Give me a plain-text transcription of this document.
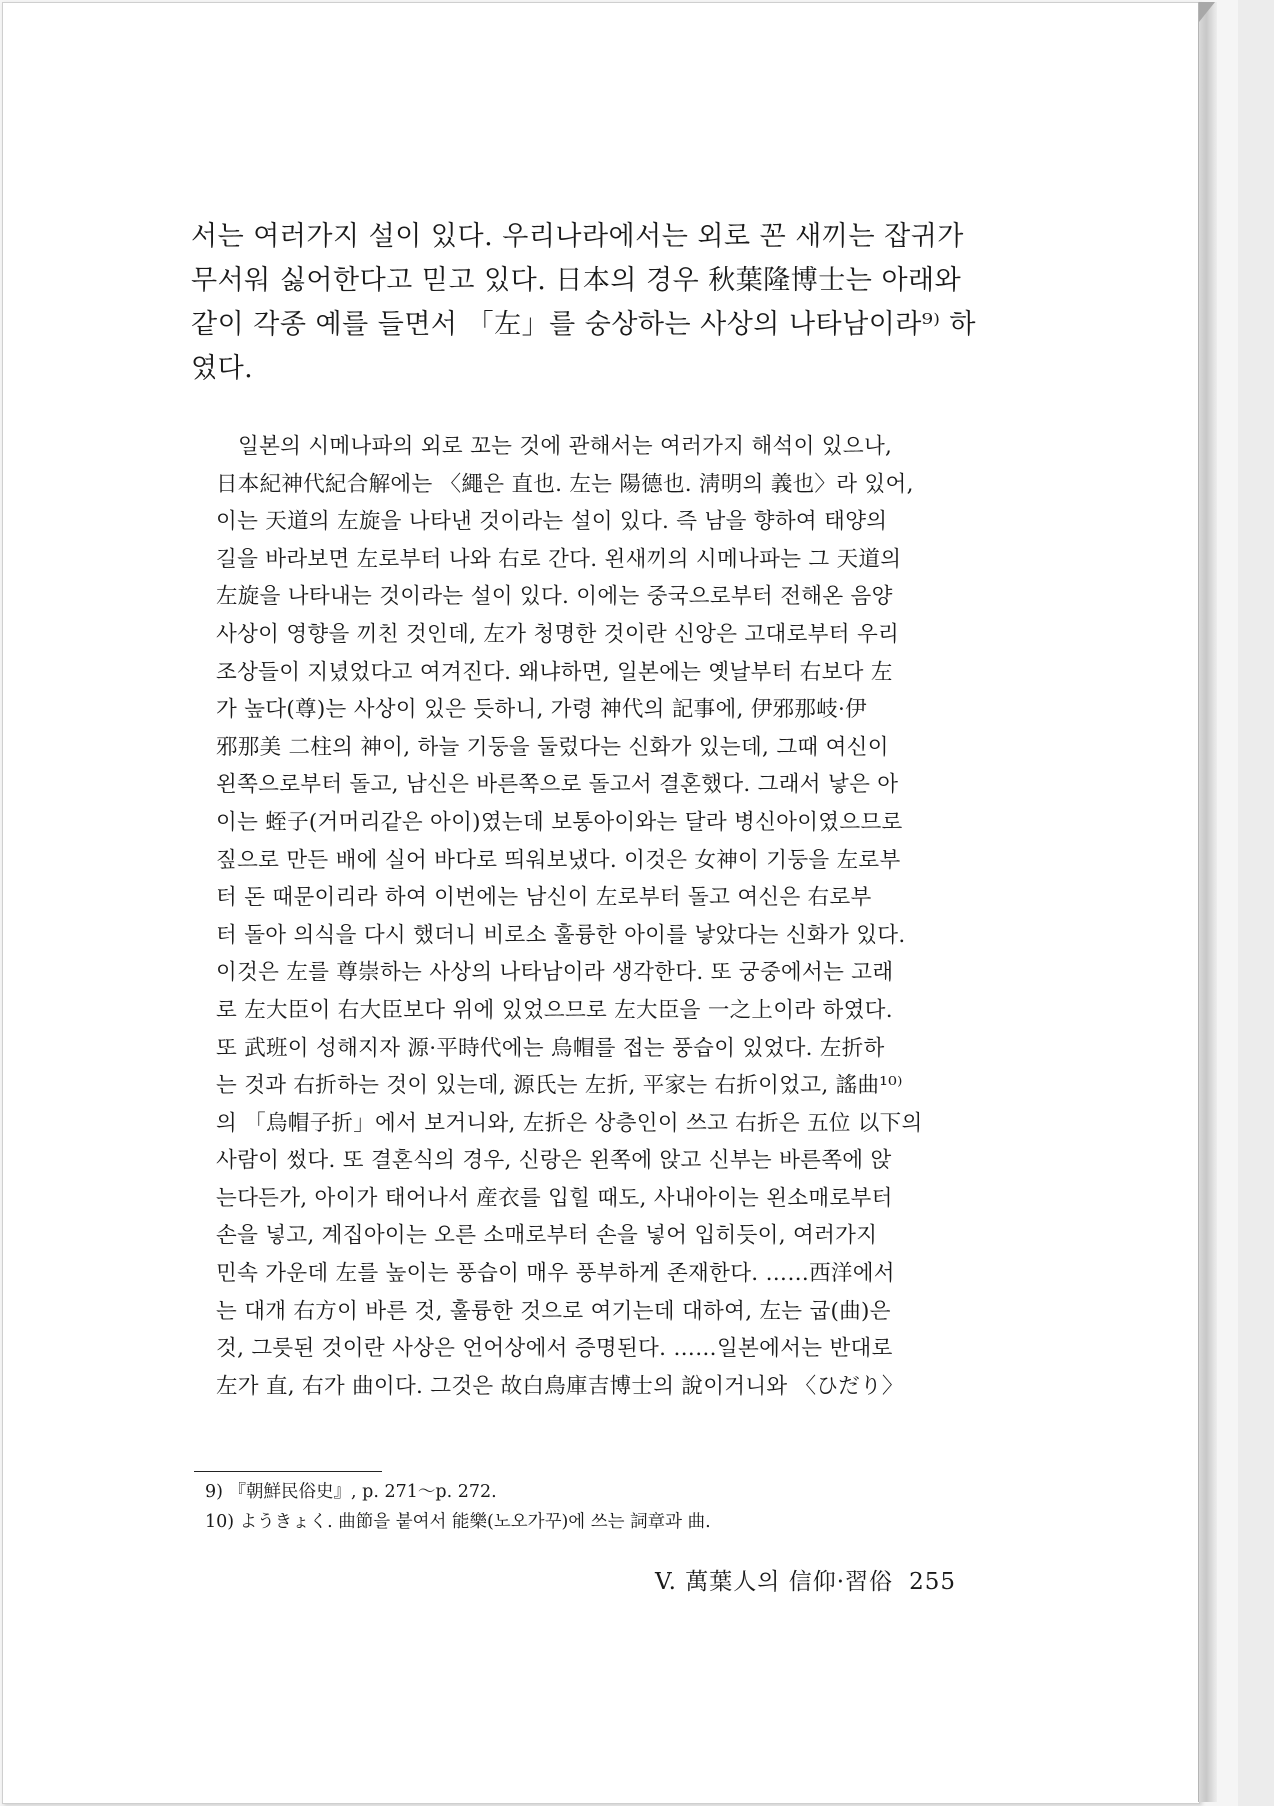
서는 여러가지 설이 있다. 우리나라에서는 외로 꼰 새끼는 잡귀가
무서워 싫어한다고 믿고 있다. 日本의 경우 秋葉隆博士는 아래와
같이 각종 예를 들면서 「左」를 숭상하는 사상의 나타남이라⁹⁾ 하
였다.
일본의 시메나파의 외로 꼬는 것에 관해서는 여러가지 해석이 있으나,
日本紀神代紀合解에는 〈繩은 直也. 左는 陽德也. 淸明의 義也〉라 있어,
이는 天道의 左旋을 나타낸 것이라는 설이 있다. 즉 남을 향하여 태양의
길을 바라보면 左로부터 나와 右로 간다. 왼새끼의 시메나파는 그 天道의
左旋을 나타내는 것이라는 설이 있다. 이에는 중국으로부터 전해온 음양
사상이 영향을 끼친 것인데, 左가 청명한 것이란 신앙은 고대로부터 우리
조상들이 지녔었다고 여겨진다. 왜냐하면, 일본에는 옛날부터 右보다 左
가 높다(尊)는 사상이 있은 듯하니, 가령 神代의 記事에, 伊邪那岐·伊
邪那美 二柱의 神이, 하늘 기둥을 둘렀다는 신화가 있는데, 그때 여신이
왼쪽으로부터 돌고, 남신은 바른쪽으로 돌고서 결혼했다. 그래서 낳은 아
이는 蛭子(거머리같은 아이)였는데 보통아이와는 달라 병신아이였으므로
짚으로 만든 배에 실어 바다로 띄워보냈다. 이것은 女神이 기둥을 左로부
터 돈 때문이리라 하여 이번에는 남신이 左로부터 돌고 여신은 右로부
터 돌아 의식을 다시 했더니 비로소 훌륭한 아이를 낳았다는 신화가 있다.
이것은 左를 尊崇하는 사상의 나타남이라 생각한다. 또 궁중에서는 고래
로 左大臣이 右大臣보다 위에 있었으므로 左大臣을 一之上이라 하였다.
또 武班이 성해지자 源·平時代에는 烏帽를 접는 풍습이 있었다. 左折하
는 것과 右折하는 것이 있는데, 源氏는 左折, 平家는 右折이었고, 謠曲¹⁰⁾
의 「烏帽子折」에서 보거니와, 左折은 상층인이 쓰고 右折은 五位 以下의
사람이 썼다. 또 결혼식의 경우, 신랑은 왼쪽에 앉고 신부는 바른쪽에 앉
는다든가, 아이가 태어나서 産衣를 입힐 때도, 사내아이는 왼소매로부터
손을 넣고, 계집아이는 오른 소매로부터 손을 넣어 입히듯이, 여러가지
민속 가운데 左를 높이는 풍습이 매우 풍부하게 존재한다. ……西洋에서
는 대개 右方이 바른 것, 훌륭한 것으로 여기는데 대하여, 左는 굽(曲)은
것, 그릇된 것이란 사상은 언어상에서 증명된다. ……일본에서는 반대로
左가 直, 右가 曲이다. 그것은 故白鳥庫吉博士의 說이거니와 〈ひだり〉
9) 『朝鮮民俗史』, p. 271～p. 272.
10) ようきょく. 曲節을 붙여서 能樂(노오가꾸)에 쓰는 詞章과 曲.
V. 萬葉人의 信仰·習俗 255
